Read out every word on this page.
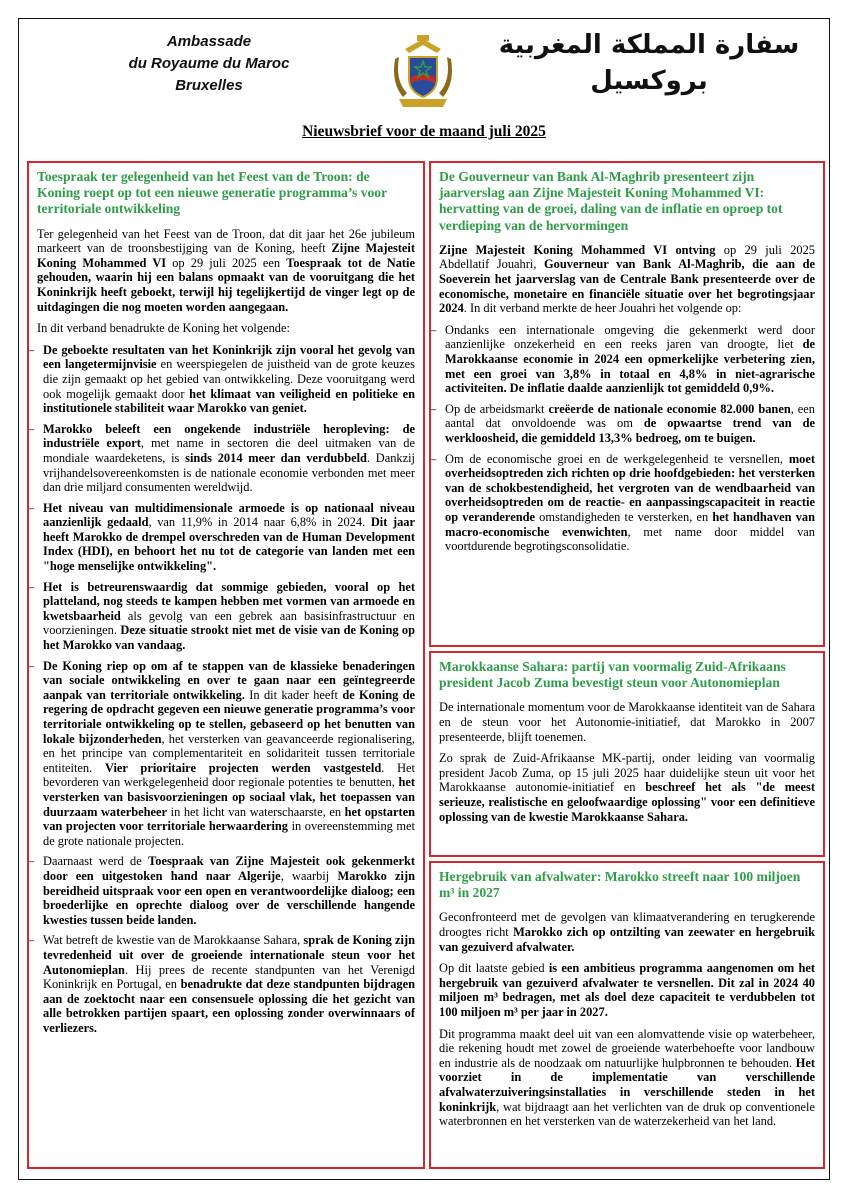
Ambassade
du Royaume du Maroc
Bruxelles
سفارة المملكة المغربية
بروكسيل
Nieuwsbrief voor de maand juli 2025
Toespraak ter gelegenheid van het Feest van de Troon: de Koning roept op tot een nieuwe generatie programma’s voor territoriale ontwikkeling

Ter gelegenheid van het Feest van de Troon, dat dit jaar het 26e jubileum markeert van de troonsbestijging van de Koning, heeft Zijne Majesteit Koning Mohammed VI op 29 juli 2025 een Toespraak tot de Natie gehouden, waarin hij een balans opmaakt van de vooruitgang die het Koninkrijk heeft geboekt, terwijl hij tegelijkertijd de vinger legt op de uitdagingen die nog moeten worden aangegaan.

In dit verband benadrukte de Koning het volgende:

– De geboekte resultaten van het Koninkrijk zijn vooral het gevolg van een langetermijnvisie en weerspiegelen de juistheid van de grote keuzes die zijn gemaakt op het gebied van ontwikkeling. Deze vooruitgang werd ook mogelijk gemaakt door het klimaat van veiligheid en politieke en institutionele stabiliteit waar Marokko van geniet.
– Marokko beleeft een ongekende industriële heropleving: de industriële export, met name in sectoren die deel uitmaken van de mondiale waardeketens, is sinds 2014 meer dan verdubbeld. Dankzij vrijhandelsovereenkomsten is de nationale economie verbonden met meer dan drie miljard consumenten wereldwijd.
– Het niveau van multidimensionale armoede is op nationaal niveau aanzienlijk gedaald, van 11,9% in 2014 naar 6,8% in 2024. Dit jaar heeft Marokko de drempel overschreden van de Human Development Index (HDI), en behoort het nu tot de categorie van landen met een "hoge menselijke ontwikkeling".
– Het is betreurenswaardig dat sommige gebieden, vooral op het platteland, nog steeds te kampen hebben met vormen van armoede en kwetsbaarheid als gevolg van een gebrek aan basisinfrastructuur en voorzieningen. Deze situatie strookt niet met de visie van de Koning op het Marokko van vandaag.
– De Koning riep op om af te stappen van de klassieke benaderingen van sociale ontwikkeling en over te gaan naar een geïntegreerde aanpak van territoriale ontwikkeling. In dit kader heeft de Koning de regering de opdracht gegeven een nieuwe generatie programma’s voor territoriale ontwikkeling op te stellen, gebaseerd op het benutten van lokale bijzonderheden, het versterken van geavanceerde regionalisering, en het principe van complementariteit en solidariteit tussen territoriale entiteiten. Vier prioritaire projecten werden vastgesteld. Het bevorderen van werkgelegenheid door regionale potenties te benutten, het versterken van basisvoorzieningen op sociaal vlak, het toepassen van duurzaam waterbeheer in het licht van waterschaarste, en het opstarten van projecten voor territoriale herwaardering in overeenstemming met de grote nationale projecten.
– Daarnaast werd de Toespraak van Zijne Majesteit ook gekenmerkt door een uitgestoken hand naar Algerije, waarbij Marokko zijn bereidheid uitspraak voor een open en verantwoordelijke dialoog; een broederlijke en oprechte dialoog over de verschillende hangende kwesties tussen beide landen.
– Wat betreft de kwestie van de Marokkaanse Sahara, sprak de Koning zijn tevredenheid uit over de groeiende internationale steun voor het Autonomieplan. Hij prees de recente standpunten van het Verenigd Koninkrijk en Portugal, en benadrukte dat deze standpunten bijdragen aan de zoektocht naar een consensuele oplossing die het gezicht van alle betrokken partijen spaart, een oplossing zonder overwinnaars of verliezers.
De Gouverneur van Bank Al-Maghrib presenteert zijn jaarverslag aan Zijne Majesteit Koning Mohammed VI: hervatting van de groei, daling van de inflatie en oproep tot verdieping van de hervormingen

Zijne Majesteit Koning Mohammed VI ontving op 29 juli 2025 Abdellatif Jouahri, Gouverneur van Bank Al-Maghrib, die aan de Soeverein het jaarverslag van de Centrale Bank presenteerde over de economische, monetaire en financiële situatie over het begrotingsjaar 2024. In dit verband merkte de heer Jouahri het volgende op:

– Ondanks een internationale omgeving die gekenmerkt werd door aanzienlijke onzekerheid en een reeks jaren van droogte, liet de Marokkaanse economie in 2024 een opmerkelijke verbetering zien, met een groei van 3,8% in totaal en 4,8% in niet-agrarische activiteiten. De inflatie daalde aanzienlijk tot gemiddeld 0,9%.
– Op de arbeidsmarkt creëerde de nationale economie 82.000 banen, een aantal dat onvoldoende was om de opwaartse trend van de werkloosheid, die gemiddeld 13,3% bedroeg, om te buigen.
– Om de economische groei en de werkgelegenheid te versnellen, moet overheidsoptreden zich richten op drie hoofdgebieden: het versterken van de schokbestendigheid, het vergroten van de wendbaarheid van overheidsoptreden om de reactie- en aanpassingscapaciteit in reactie op veranderende omstandigheden te versterken, en het handhaven van macro-economische evenwichten, met name door middel van voortdurende begrotingsconsolidatie.
Marokkaanse Sahara: partij van voormalig Zuid-Afrikaans president Jacob Zuma bevestigt steun voor Autonomieplan

De internationale momentum voor de Marokkaanse identiteit van de Sahara en de steun voor het Autonomie-initiatief, dat Marokko in 2007 presenteerde, blijft toenemen.

Zo sprak de Zuid-Afrikaanse MK-partij, onder leiding van voormalig president Jacob Zuma, op 15 juli 2025 haar duidelijke steun uit voor het Marokkaanse autonomie-initiatief en beschreef het als "de meest serieuze, realistische en geloofwaardige oplossing" voor een definitieve oplossing van de kwestie Marokkaanse Sahara.

Hergebruik van afvalwater: Marokko streeft naar 100 miljoen m³ in 2027

Geconfronteerd met de gevolgen van klimaatverandering en terugkerende droogtes richt Marokko zich op ontzilting van zeewater en hergebruik van gezuiverd afvalwater.

Op dit laatste gebied is een ambitieus programma aangenomen om het hergebruik van gezuiverd afvalwater te versnellen. Dit zal in 2024 40 miljoen m³ bedragen, met als doel deze capaciteit te verdubbelen tot 100 miljoen m³ per jaar in 2027.

Dit programma maakt deel uit van een alomvattende visie op waterbeheer, die rekening houdt met zowel de groeiende waterbehoefte voor landbouw en industrie als de noodzaak om natuurlijke hulpbronnen te behouden. Het voorziet in de implementatie van verschillende afvalwaterzuiveringsinstallaties in verschillende steden in het koninkrijk, wat bijdraagt aan het verlichten van de druk op conventionele waterbronnen en het versterken van de waterzekerheid van het land.
